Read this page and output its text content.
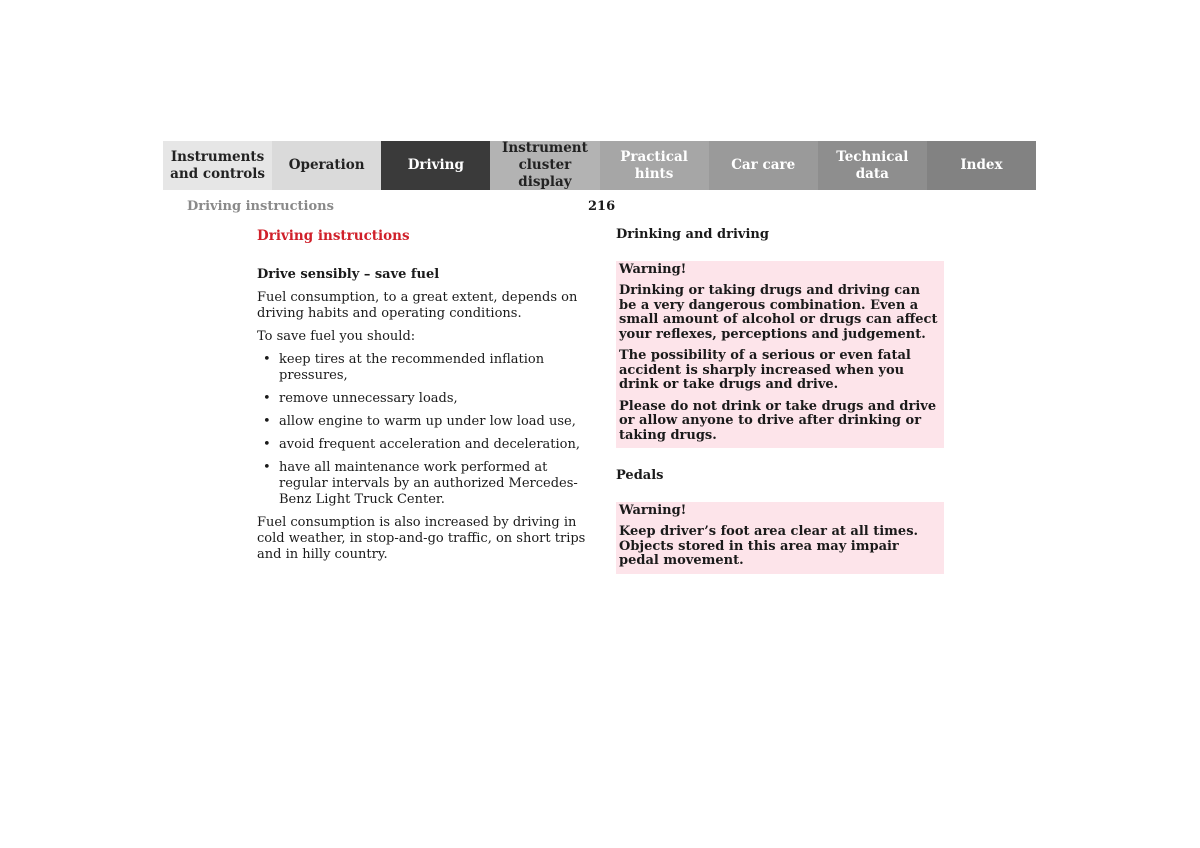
Instruments
and controls
Operation	Driving
Instrument
cluster display
Practical hints
Car care
Technical
data
Index
Driving instructions	216
Driving instructions
Drive sensibly – save fuel

Fuel consumption, to a great extent, depends on driving habits and operating conditions.

To save fuel you should:

• keep tires at the recommended inflation pressures,
• remove unnecessary loads,
• allow engine to warm up under low load use,
• avoid frequent acceleration and deceleration,
• have all maintenance work performed at regular intervals by an authorized Mercedes-Benz Light Truck Center.

Fuel consumption is also increased by driving in cold weather, in stop-and-go traffic, on short trips and in hilly country.

Drinking and driving
Warning!

Drinking or taking drugs and driving can be a very dangerous combination. Even a small amount of alcohol or drugs can affect your reflexes, perceptions and judgement.

The possibility of a serious or even fatal accident is sharply increased when you drink or take drugs and drive.

Please do not drink or take drugs and drive or allow anyone to drive after drinking or taking drugs.

Pedals
Warning!

Keep driver’s foot area clear at all times. Objects stored in this area may impair pedal movement.
